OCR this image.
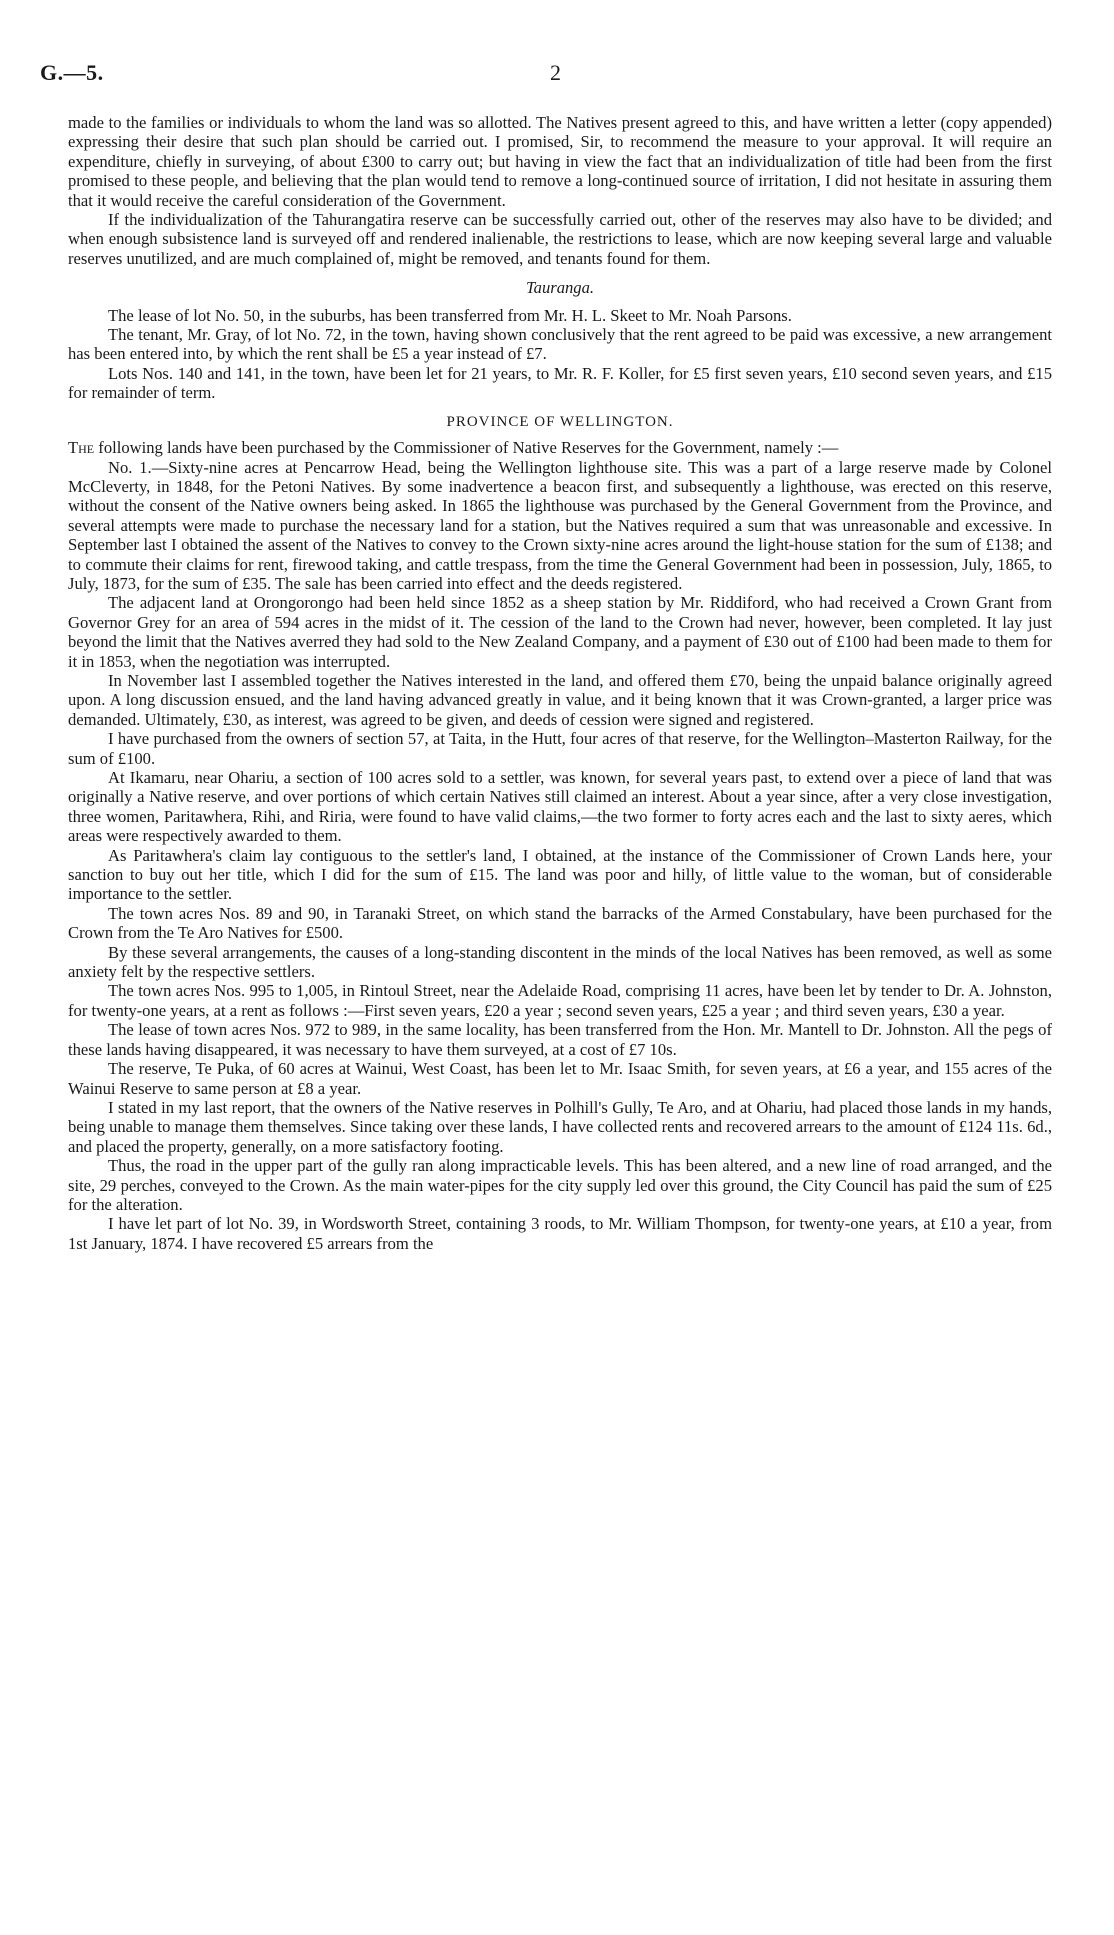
G.—5.	2

made to the families or individuals to whom the land was so allotted. The Natives present agreed to this, and have written a letter (copy appended) expressing their desire that such plan should be carried out. I promised, Sir, to recommend the measure to your approval. It will require an expenditure, chiefly in surveying, of about £300 to carry out; but having in view the fact that an individualization of title had been from the first promised to these people, and believing that the plan would tend to remove a long-continued source of irritation, I did not hesitate in assuring them that it would receive the careful consideration of the Government.

If the individualization of the Tahurangatira reserve can be successfully carried out, other of the reserves may also have to be divided; and when enough subsistence land is surveyed off and rendered inalienable, the restrictions to lease, which are now keeping several large and valuable reserves unutilized, and are much complained of, might be removed, and tenants found for them.

Tauranga.

The lease of lot No. 50, in the suburbs, has been transferred from Mr. H. L. Skeet to Mr. Noah Parsons.

The tenant, Mr. Gray, of lot No. 72, in the town, having shown conclusively that the rent agreed to be paid was excessive, a new arrangement has been entered into, by which the rent shall be £5 a year instead of £7.

Lots Nos. 140 and 141, in the town, have been let for 21 years, to Mr. R. F. Koller, for £5 first seven years, £10 second seven years, and £15 for remainder of term.

PROVINCE OF WELLINGTON.

The following lands have been purchased by the Commissioner of Native Reserves for the Government, namely :—

No. 1.—Sixty-nine acres at Pencarrow Head, being the Wellington lighthouse site. This was a part of a large reserve made by Colonel McCleverty, in 1848, for the Petoni Natives. By some inadvertence a beacon first, and subsequently a lighthouse, was erected on this reserve, without the consent of the Native owners being asked. In 1865 the lighthouse was purchased by the General Government from the Province, and several attempts were made to purchase the necessary land for a station, but the Natives required a sum that was unreasonable and excessive. In September last I obtained the assent of the Natives to convey to the Crown sixty-nine acres around the light-house station for the sum of £138; and to commute their claims for rent, firewood taking, and cattle trespass, from the time the General Government had been in possession, July, 1865, to July, 1873, for the sum of £35. The sale has been carried into effect and the deeds registered.

The adjacent land at Orongorongo had been held since 1852 as a sheep station by Mr. Riddiford, who had received a Crown Grant from Governor Grey for an area of 594 acres in the midst of it. The cession of the land to the Crown had never, however, been completed. It lay just beyond the limit that the Natives averred they had sold to the New Zealand Company, and a payment of £30 out of £100 had been made to them for it in 1853, when the negotiation was interrupted.

In November last I assembled together the Natives interested in the land, and offered them £70, being the unpaid balance originally agreed upon. A long discussion ensued, and the land having advanced greatly in value, and it being known that it was Crown-granted, a larger price was demanded. Ultimately, £30, as interest, was agreed to be given, and deeds of cession were signed and registered.

I have purchased from the owners of section 57, at Taita, in the Hutt, four acres of that reserve, for the Wellington–Masterton Railway, for the sum of £100.

At Ikamaru, near Ohariu, a section of 100 acres sold to a settler, was known, for several years past, to extend over a piece of land that was originally a Native reserve, and over portions of which certain Natives still claimed an interest. About a year since, after a very close investigation, three women, Paritawhera, Rihi, and Riria, were found to have valid claims,—the two former to forty acres each and the last to sixty aeres, which areas were respectively awarded to them.

As Paritawhera's claim lay contiguous to the settler's land, I obtained, at the instance of the Commissioner of Crown Lands here, your sanction to buy out her title, which I did for the sum of £15. The land was poor and hilly, of little value to the woman, but of considerable importance to the settler.

The town acres Nos. 89 and 90, in Taranaki Street, on which stand the barracks of the Armed Constabulary, have been purchased for the Crown from the Te Aro Natives for £500.

By these several arrangements, the causes of a long-standing discontent in the minds of the local Natives has been removed, as well as some anxiety felt by the respective settlers.

The town acres Nos. 995 to 1,005, in Rintoul Street, near the Adelaide Road, comprising 11 acres, have been let by tender to Dr. A. Johnston, for twenty-one years, at a rent as follows :—First seven years, £20 a year ; second seven years, £25 a year ; and third seven years, £30 a year.

The lease of town acres Nos. 972 to 989, in the same locality, has been transferred from the Hon. Mr. Mantell to Dr. Johnston. All the pegs of these lands having disappeared, it was necessary to have them surveyed, at a cost of £7 10s.

The reserve, Te Puka, of 60 acres at Wainui, West Coast, has been let to Mr. Isaac Smith, for seven years, at £6 a year, and 155 acres of the Wainui Reserve to same person at £8 a year.

I stated in my last report, that the owners of the Native reserves in Polhill's Gully, Te Aro, and at Ohariu, had placed those lands in my hands, being unable to manage them themselves. Since taking over these lands, I have collected rents and recovered arrears to the amount of £124 11s. 6d., and placed the property, generally, on a more satisfactory footing.

Thus, the road in the upper part of the gully ran along impracticable levels. This has been altered, and a new line of road arranged, and the site, 29 perches, conveyed to the Crown. As the main water-pipes for the city supply led over this ground, the City Council has paid the sum of £25 for the alteration.

I have let part of lot No. 39, in Wordsworth Street, containing 3 roods, to Mr. William Thompson, for twenty-one years, at £10 a year, from 1st January, 1874. I have recovered £5 arrears from the
